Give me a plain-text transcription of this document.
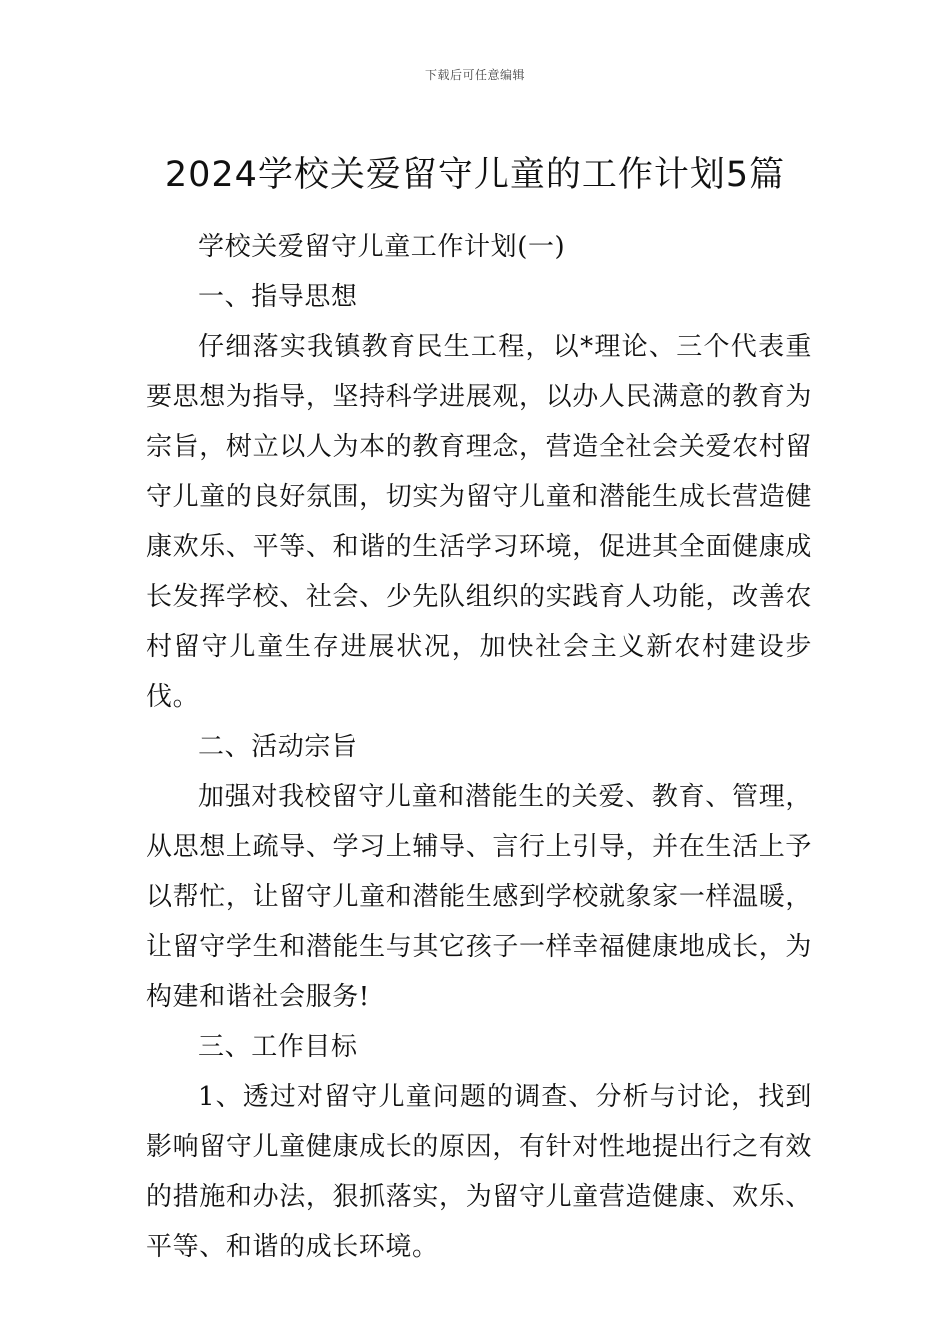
下载后可任意编辑
2024学校关爱留守儿童的工作计划5篇

学校关爱留守儿童工作计划(一)

一、指导思想

仔细落实我镇教育民生工程，以*理论、三个代表重要思想为指导，坚持科学进展观，以办人民满意的教育为宗旨，树立以人为本的教育理念，营造全社会关爱农村留守儿童的良好氛围，切实为留守儿童和潜能生成长营造健康欢乐、平等、和谐的生活学习环境，促进其全面健康成长发挥学校、社会、少先队组织的实践育人功能，改善农村留守儿童生存进展状况，加快社会主义新农村建设步伐。

二、活动宗旨

加强对我校留守儿童和潜能生的关爱、教育、管理，从思想上疏导、学习上辅导、言行上引导，并在生活上予以帮忙，让留守儿童和潜能生感到学校就象家一样温暖，让留守学生和潜能生与其它孩子一样幸福健康地成长，为构建和谐社会服务!

三、工作目标

1、透过对留守儿童问题的调查、分析与讨论，找到影响留守儿童健康成长的原因，有针对性地提出行之有效的措施和办法，狠抓落实，为留守儿童营造健康、欢乐、平等、和谐的成长环境。
